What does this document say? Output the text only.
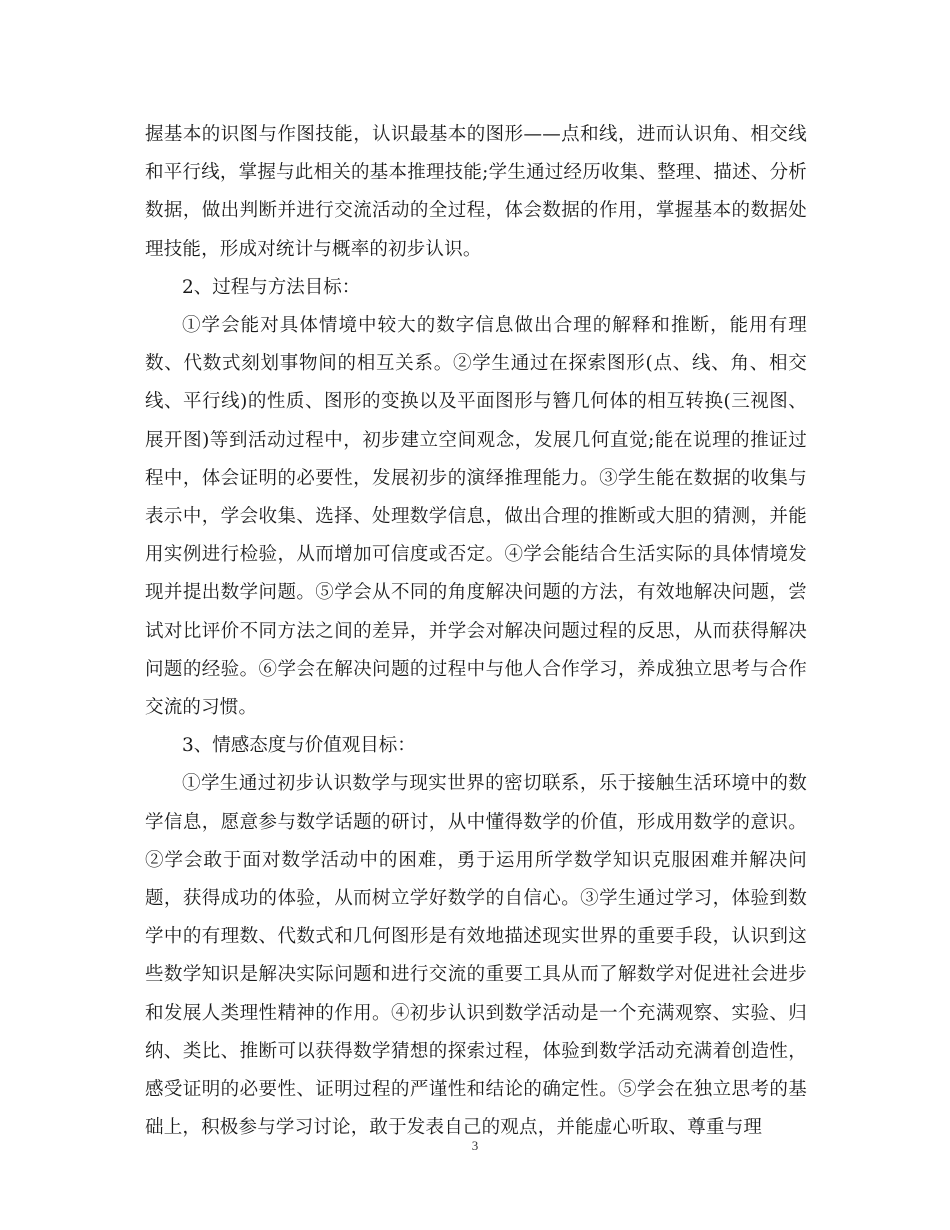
握基本的识图与作图技能，认识最基本的图形——点和线，进而认识角、相交线和平行线，掌握与此相关的基本推理技能;学生通过经历收集、整理、描述、分析数据，做出判断并进行交流活动的全过程，体会数据的作用，掌握基本的数据处理技能，形成对统计与概率的初步认识。

2、过程与方法目标：

①学会能对具体情境中较大的数字信息做出合理的解释和推断，能用有理数、代数式刻划事物间的相互关系。②学生通过在探索图形(点、线、角、相交线、平行线)的性质、图形的变换以及平面图形与簪几何体的相互转换(三视图、展开图)等到活动过程中，初步建立空间观念，发展几何直觉;能在说理的推证过程中，体会证明的必要性，发展初步的演绎推理能力。③学生能在数据的收集与表示中，学会收集、选择、处理数学信息，做出合理的推断或大胆的猜测，并能用实例进行检验，从而增加可信度或否定。④学会能结合生活实际的具体情境发现并提出数学问题。⑤学会从不同的角度解决问题的方法，有效地解决问题，尝试对比评价不同方法之间的差异，并学会对解决问题过程的反思，从而获得解决问题的经验。⑥学会在解决问题的过程中与他人合作学习，养成独立思考与合作交流的习惯。

3、情感态度与价值观目标：

①学生通过初步认识数学与现实世界的密切联系，乐于接触生活环境中的数学信息，愿意参与数学话题的研讨，从中懂得数学的价值，形成用数学的意识。②学会敢于面对数学活动中的困难，勇于运用所学数学知识克服困难并解决问题，获得成功的体验，从而树立学好数学的自信心。③学生通过学习，体验到数学中的有理数、代数式和几何图形是有效地描述现实世界的重要手段，认识到这些数学知识是解决实际问题和进行交流的重要工具从而了解数学对促进社会进步和发展人类理性精神的作用。④初步认识到数学活动是一个充满观察、实验、归纳、类比、推断可以获得数学猜想的探索过程，体验到数学活动充满着创造性，感受证明的必要性、证明过程的严谨性和结论的确定性。⑤学会在独立思考的基础上，积极参与学习讨论，敢于发表自己的观点，并能虚心听取、尊重与理

3
